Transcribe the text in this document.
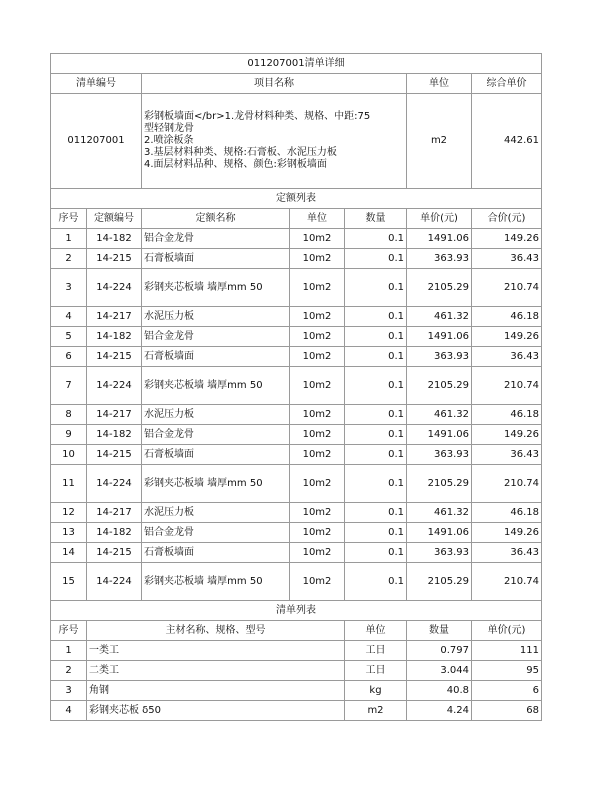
011207001清单详细							
清单编号		项目名称			单位	综合单价	
011207001		彩钢板墙面</br>1.龙骨材料种类、规格、中距:75
型轻钢龙骨
2.喷涂板条
3.基层材料种类、规格:石膏板、水泥压力板
4.面层材料品种、规格、颜色:彩钢板墙面			m2	442.61	
定额列表							
序号	定额编号	定额名称	单位	数量	单价(元)	合价(元)	
1	14-182	铝合金龙骨	10m2	0.1	1491.06	149.26	
2	14-215	石膏板墙面	10m2	0.1	363.93	36.43	
3	14-224	彩钢夹芯板墙 墙厚mm 50	10m2	0.1	2105.29	210.74	
4	14-217	水泥压力板	10m2	0.1	461.32	46.18	
5	14-182	铝合金龙骨	10m2	0.1	1491.06	149.26	
6	14-215	石膏板墙面	10m2	0.1	363.93	36.43	
7	14-224	彩钢夹芯板墙 墙厚mm 50	10m2	0.1	2105.29	210.74	
8	14-217	水泥压力板	10m2	0.1	461.32	46.18	
9	14-182	铝合金龙骨	10m2	0.1	1491.06	149.26	
10	14-215	石膏板墙面	10m2	0.1	363.93	36.43	
11	14-224	彩钢夹芯板墙 墙厚mm 50	10m2	0.1	2105.29	210.74	
12	14-217	水泥压力板	10m2	0.1	461.32	46.18	
13	14-182	铝合金龙骨	10m2	0.1	1491.06	149.26	
14	14-215	石膏板墙面	10m2	0.1	363.93	36.43	
15	14-224	彩钢夹芯板墙 墙厚mm 50	10m2	0.1	2105.29	210.74	
清单列表							
序号	主材名称、规格、型号			单位	数量	单价(元)	
1	一类工			工日	0.797	111	
2	二类工			工日	3.044	95	
3	角钢			kg	40.8	6	
4	彩钢夹芯板 δ50			m2	4.24	68	
